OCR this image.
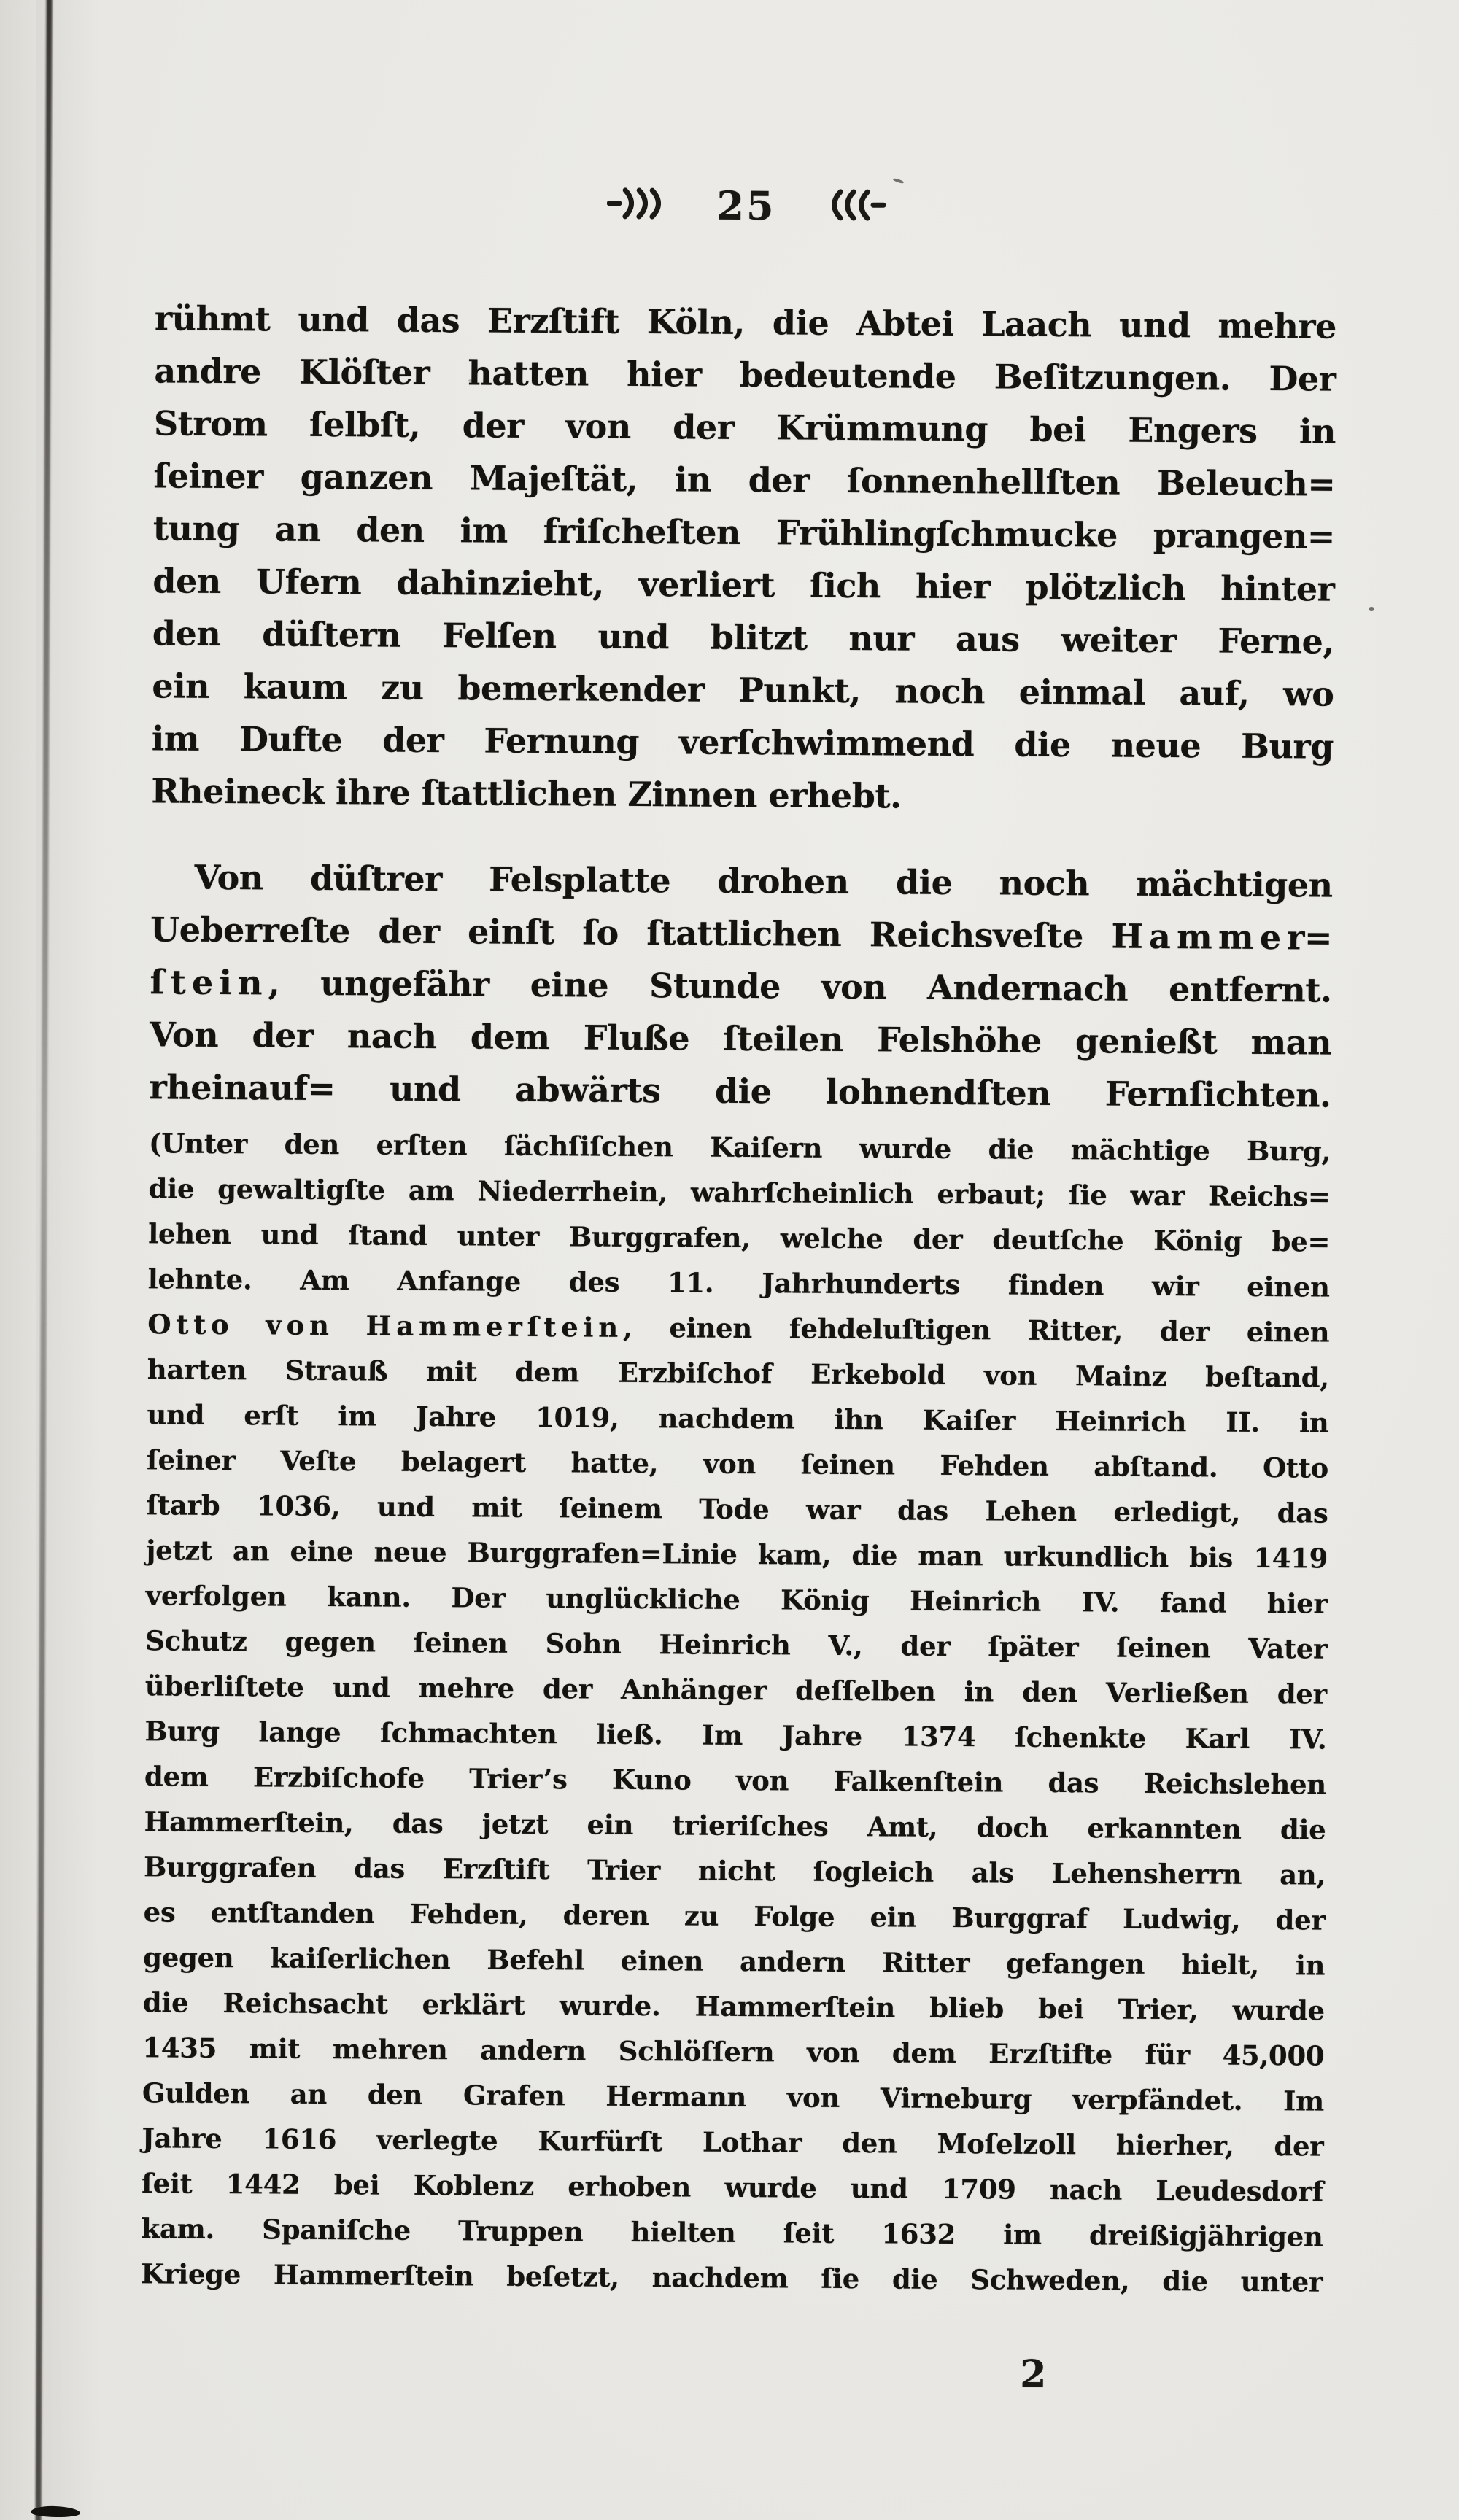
25
rühmt und das Erzſtift Köln, die Abtei Laach und mehre
andre Klöſter hatten hier bedeutende Beſitzungen. Der
Strom ſelbſt, der von der Krümmung bei Engers in
ſeiner ganzen Majeſtät, in der ſonnenhellſten Beleuch=
tung an den im friſcheſten Frühlingſchmucke prangen=
den Ufern dahinzieht, verliert ſich hier plötzlich hinter
den düſtern Felſen und blitzt nur aus weiter Ferne,
ein kaum zu bemerkender Punkt, noch einmal auf, wo
im Dufte der Fernung verſchwimmend die neue Burg
Rheineck ihre ſtattlichen Zinnen erhebt.
Von düſtrer Felsplatte drohen die noch mächtigen
Ueberreſte der einſt ſo ſtattlichen Reichsveſte H a m m e r=
ſ t e i n , ungefähr eine Stunde von Andernach entfernt.
Von der nach dem Fluße ſteilen Felshöhe genießt man
rheinauf= und abwärts die lohnendſten Fernſichten.
(Unter den erſten ſächſiſchen Kaiſern wurde die mächtige Burg,
die gewaltigſte am Niederrhein, wahrſcheinlich erbaut; ſie war Reichs=
lehen und ſtand unter Burggrafen, welche der deutſche König be=
lehnte. Am Anfange des 11. Jahrhunderts finden wir einen
O t t o v o n H a m m e r ſ t e i n , einen fehdeluſtigen Ritter, der einen
harten Strauß mit dem Erzbiſchof Erkebold von Mainz beſtand,
und erſt im Jahre 1019, nachdem ihn Kaiſer Heinrich II. in
ſeiner Veſte belagert hatte, von ſeinen Fehden abſtand. Otto
ſtarb 1036, und mit ſeinem Tode war das Lehen erledigt, das
jetzt an eine neue Burggrafen=Linie kam, die man urkundlich bis 1419
verfolgen kann. Der unglückliche König Heinrich IV. fand hier
Schutz gegen ſeinen Sohn Heinrich V., der ſpäter ſeinen Vater
überliſtete und mehre der Anhänger deſſelben in den Verließen der
Burg lange ſchmachten ließ. Im Jahre 1374 ſchenkte Karl IV.
dem Erzbiſchofe Trier’s Kuno von Falkenſtein das Reichslehen
Hammerſtein, das jetzt ein trieriſches Amt, doch erkannten die
Burggrafen das Erzſtift Trier nicht ſogleich als Lehensherrn an,
es entſtanden Fehden, deren zu Folge ein Burggraf Ludwig, der
gegen kaiſerlichen Befehl einen andern Ritter gefangen hielt, in
die Reichsacht erklärt wurde. Hammerſtein blieb bei Trier, wurde
1435 mit mehren andern Schlöſſern von dem Erzſtifte für 45,000
Gulden an den Grafen Hermann von Virneburg verpfändet. Im
Jahre 1616 verlegte Kurfürſt Lothar den Moſelzoll hierher, der
ſeit 1442 bei Koblenz erhoben wurde und 1709 nach Leudesdorf
kam. Spaniſche Truppen hielten ſeit 1632 im dreißigjährigen
Kriege Hammerſtein beſetzt, nachdem ſie die Schweden, die unter
2
